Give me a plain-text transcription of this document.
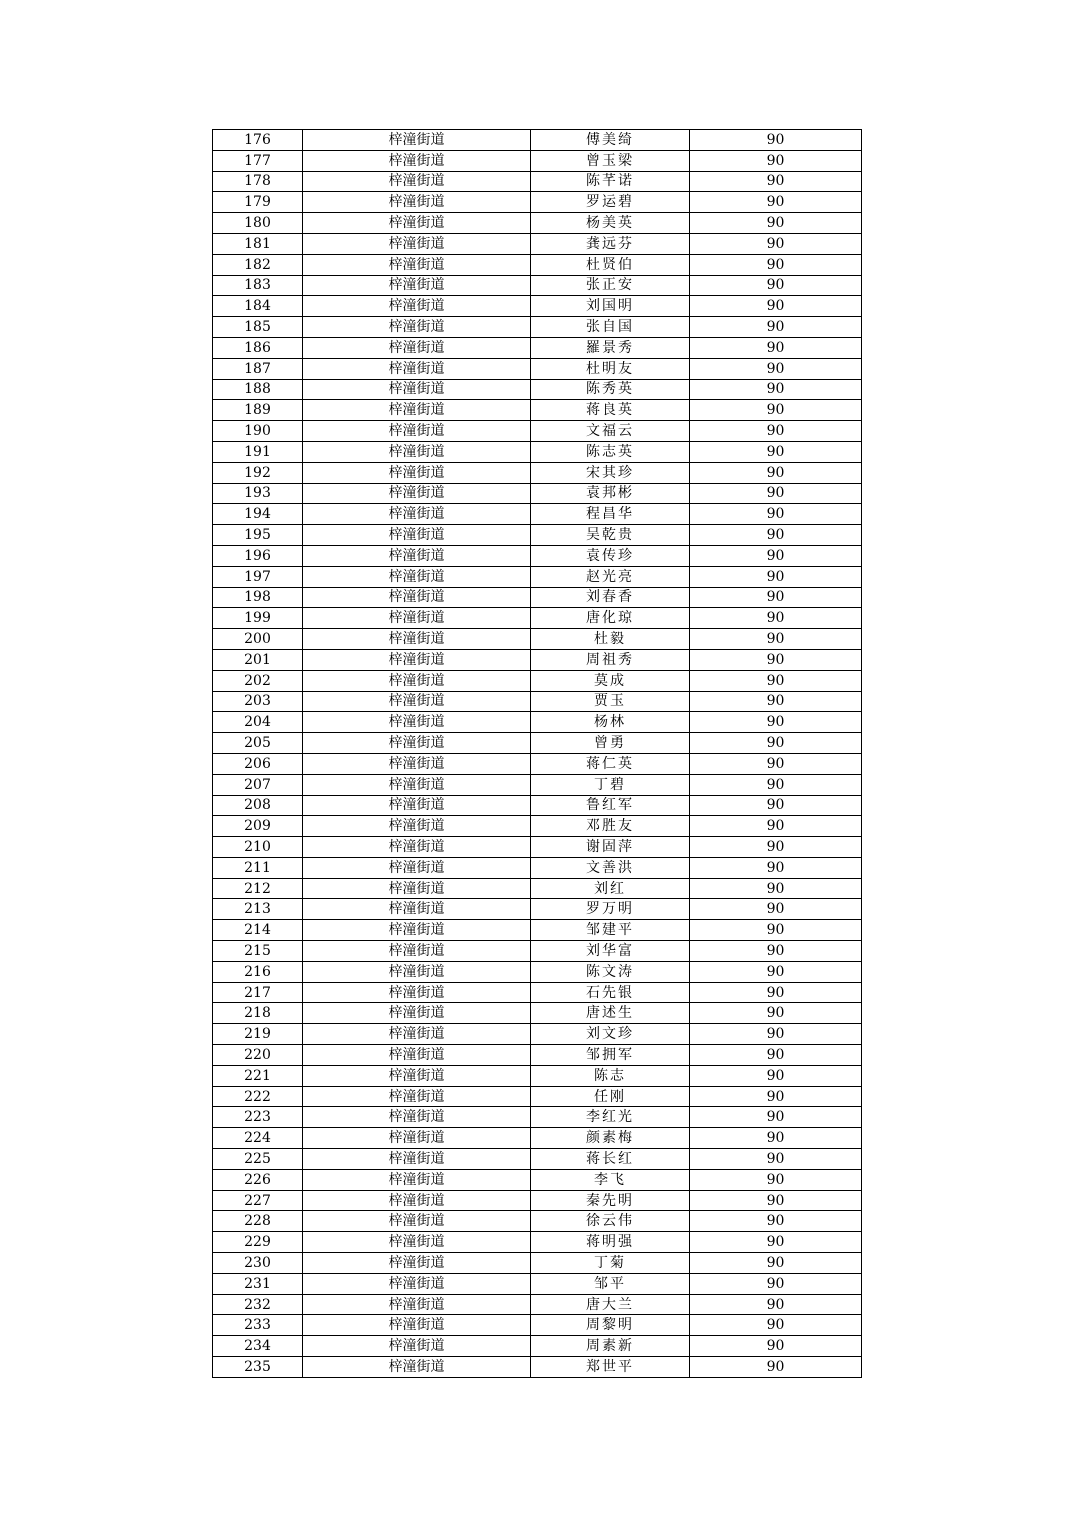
176	梓潼街道	傅美绮	90
177	梓潼街道	曾玉梁	90
178	梓潼街道	陈芊诺	90
179	梓潼街道	罗运碧	90
180	梓潼街道	杨美英	90
181	梓潼街道	龚远芬	90
182	梓潼街道	杜贤伯	90
183	梓潼街道	张正安	90
184	梓潼街道	刘国明	90
185	梓潼街道	张自国	90
186	梓潼街道	羅景秀	90
187	梓潼街道	杜明友	90
188	梓潼街道	陈秀英	90
189	梓潼街道	蒋良英	90
190	梓潼街道	文福云	90
191	梓潼街道	陈志英	90
192	梓潼街道	宋其珍	90
193	梓潼街道	袁邦彬	90
194	梓潼街道	程昌华	90
195	梓潼街道	吴乾贵	90
196	梓潼街道	袁传珍	90
197	梓潼街道	赵光亮	90
198	梓潼街道	刘春香	90
199	梓潼街道	唐化琼	90
200	梓潼街道	杜毅	90
201	梓潼街道	周祖秀	90
202	梓潼街道	莫成	90
203	梓潼街道	贾玉	90
204	梓潼街道	杨林	90
205	梓潼街道	曾勇	90
206	梓潼街道	蒋仁英	90
207	梓潼街道	丁碧	90
208	梓潼街道	鲁红军	90
209	梓潼街道	邓胜友	90
210	梓潼街道	谢固萍	90
211	梓潼街道	文善洪	90
212	梓潼街道	刘红	90
213	梓潼街道	罗万明	90
214	梓潼街道	邹建平	90
215	梓潼街道	刘华富	90
216	梓潼街道	陈文涛	90
217	梓潼街道	石先银	90
218	梓潼街道	唐述生	90
219	梓潼街道	刘文珍	90
220	梓潼街道	邹拥军	90
221	梓潼街道	陈志	90
222	梓潼街道	任刚	90
223	梓潼街道	李红光	90
224	梓潼街道	颜素梅	90
225	梓潼街道	蒋长红	90
226	梓潼街道	李飞	90
227	梓潼街道	秦先明	90
228	梓潼街道	徐云伟	90
229	梓潼街道	蒋明强	90
230	梓潼街道	丁菊	90
231	梓潼街道	邹平	90
232	梓潼街道	唐大兰	90
233	梓潼街道	周黎明	90
234	梓潼街道	周素新	90
235	梓潼街道	郑世平	90
